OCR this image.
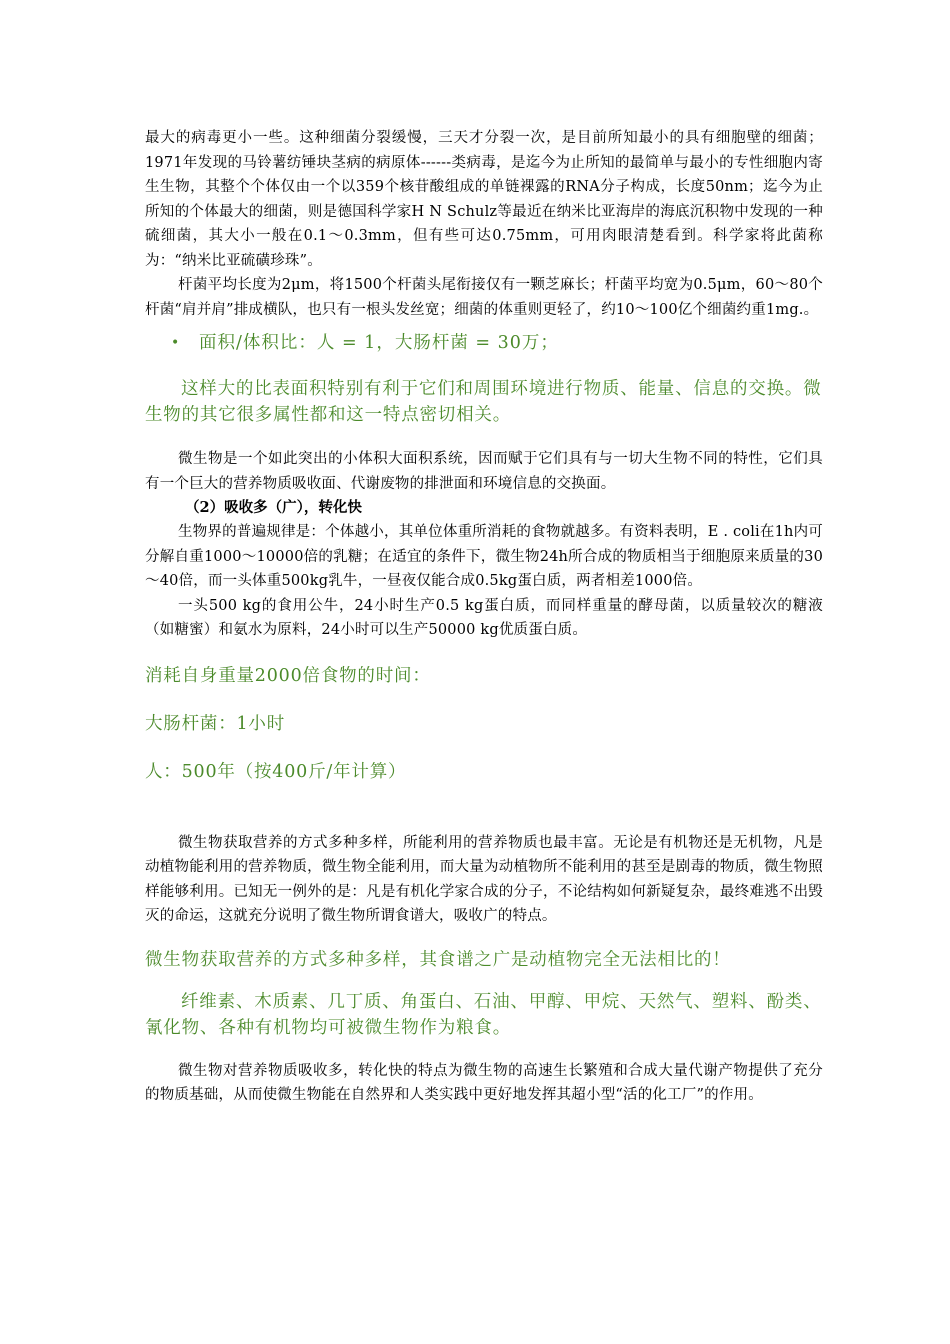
最大的病毒更小一些。这种细菌分裂缓慢，三天才分裂一次，是目前所知最小的具有细胞壁的细菌；1971年发现的马铃薯纺锤块茎病的病原体------类病毒，是迄今为止所知的最简单与最小的专性细胞内寄生生物，其整个个体仅由一个以359个核苷酸组成的单链裸露的RNA分子构成，长度50nm；迄今为止所知的个体最大的细菌，则是德国科学家H N Schulz等最近在纳米比亚海岸的海底沉积物中发现的一种硫细菌，其大小一般在0.1～0.3mm，但有些可达0.75mm，可用肉眼清楚看到。科学家将此菌称为：“纳米比亚硫磺珍珠”。

杆菌平均长度为2μm，将1500个杆菌头尾衔接仅有一颗芝麻长；杆菌平均宽为0.5μm，60～80个杆菌“肩并肩”排成横队，也只有一根头发丝宽；细菌的体重则更轻了，约10～100亿个细菌约重1mg.。

• 面积/体积比：人 = 1，大肠杆菌 = 30万；

这样大的比表面积特别有利于它们和周围环境进行物质、能量、信息的交换。微生物的其它很多属性都和这一特点密切相关。

微生物是一个如此突出的小体积大面积系统，因而赋于它们具有与一切大生物不同的特性，它们具有一个巨大的营养物质吸收面、代谢废物的排泄面和环境信息的交换面。

（2）吸收多（广），转化快

生物界的普遍规律是：个体越小，其单位体重所消耗的食物就越多。有资料表明，E . coli在1h内可分解自重1000～10000倍的乳糖；在适宜的条件下，微生物24h所合成的物质相当于细胞原来质量的30～40倍，而一头体重500kg乳牛，一昼夜仅能合成0.5kg蛋白质，两者相差1000倍。

一头500 kg的食用公牛，24小时生产0.5 kg蛋白质，而同样重量的酵母菌，以质量较次的糖液（如糖蜜）和氨水为原料，24小时可以生产50000 kg优质蛋白质。

消耗自身重量2000倍食物的时间：

大肠杆菌：1小时

人：500年（按400斤/年计算）

微生物获取营养的方式多种多样，所能利用的营养物质也最丰富。无论是有机物还是无机物，凡是动植物能利用的营养物质，微生物全能利用，而大量为动植物所不能利用的甚至是剧毒的物质，微生物照样能够利用。已知无一例外的是：凡是有机化学家合成的分子，不论结构如何新疑复杂，最终难逃不出毁灭的命运，这就充分说明了微生物所谓食谱大，吸收广的特点。

微生物获取营养的方式多种多样，其食谱之广是动植物完全无法相比的！

纤维素、木质素、几丁质、角蛋白、石油、甲醇、甲烷、天然气、塑料、酚类、氰化物、各种有机物均可被微生物作为粮食。

微生物对营养物质吸收多，转化快的特点为微生物的高速生长繁殖和合成大量代谢产物提供了充分的物质基础，从而使微生物能在自然界和人类实践中更好地发挥其超小型“活的化工厂”的作用。
